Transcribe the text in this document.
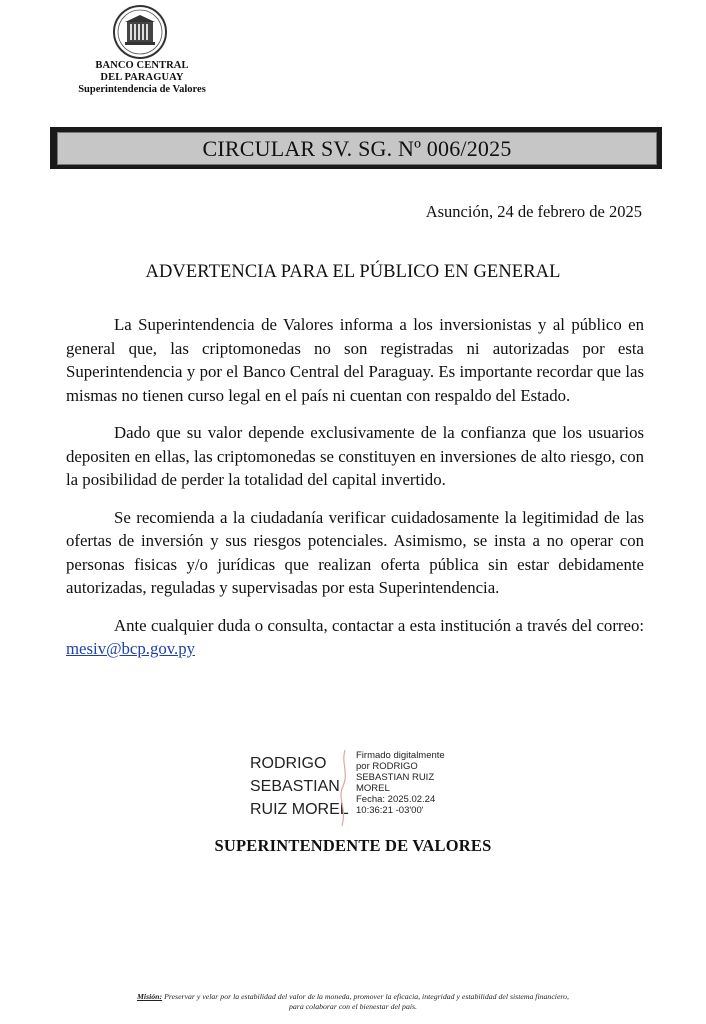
BANCO CENTRAL
DEL PARAGUAY
Superintendencia de Valores
CIRCULAR SV. SG. Nº 006/2025
Asunción, 24 de febrero de 2025
ADVERTENCIA PARA EL PÚBLICO EN GENERAL

La Superintendencia de Valores informa a los inversionistas y al público en general que, las criptomonedas no son registradas ni autorizadas por esta Superintendencia y por el Banco Central del Paraguay. Es importante recordar que las mismas no tienen curso legal en el país ni cuentan con respaldo del Estado.

Dado que su valor depende exclusivamente de la confianza que los usuarios depositen en ellas, las criptomonedas se constituyen en inversiones de alto riesgo, con la posibilidad de perder la totalidad del capital invertido.

Se recomienda a la ciudadanía verificar cuidadosamente la legitimidad de las ofertas de inversión y sus riesgos potenciales. Asimismo, se insta a no operar con personas fisicas y/o jurídicas que realizan oferta pública sin estar debidamente autorizadas, reguladas y supervisadas por esta Superintendencia.

Ante cualquier duda o consulta, contactar a esta institución a través del correo: mesiv@bcp.gov.py

RODRIGO
SEBASTIAN
RUIZ MOREL
Firmado digitalmente
por RODRIGO
SEBASTIAN RUIZ
MOREL
Fecha: 2025.02.24
10:36:21 -03'00'
SUPERINTENDENTE DE VALORES
Misión: Preservar y velar por la estabilidad del valor de la moneda, promover la eficacia, integridad y estabilidad del sistema financiero,
para colaborar con el bienestar del país.
